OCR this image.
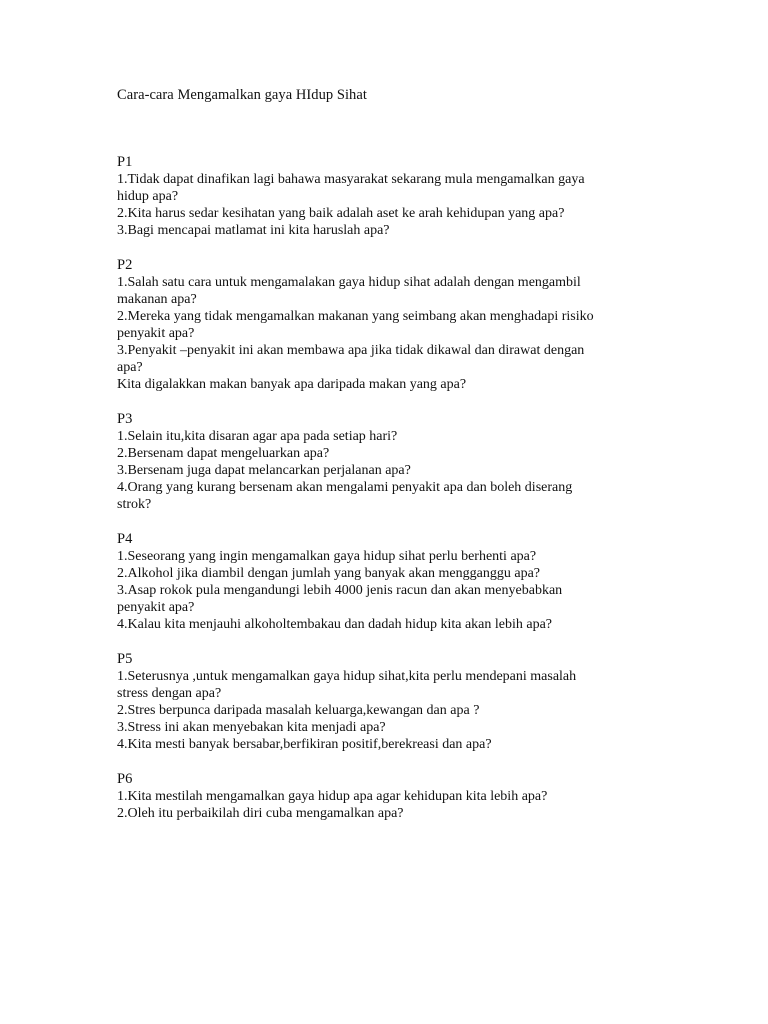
Cara-cara Mengamalkan gaya HIdup Sihat
P1
1.Tidak dapat dinafikan lagi bahawa masyarakat sekarang mula mengamalkan gaya
hidup apa?
2.Kita harus sedar kesihatan yang baik adalah aset ke arah kehidupan yang apa?
3.Bagi mencapai matlamat ini kita haruslah apa?
P2
1.Salah satu cara untuk mengamalakan gaya hidup sihat adalah dengan mengambil
makanan apa?
2.Mereka yang tidak mengamalkan makanan yang seimbang akan menghadapi risiko
penyakit apa?
3.Penyakit –penyakit ini akan membawa apa jika tidak dikawal dan dirawat dengan
apa?
Kita digalakkan makan banyak apa daripada makan yang apa?
P3
1.Selain itu,kita disaran agar apa pada setiap hari?
2.Bersenam dapat mengeluarkan apa?
3.Bersenam juga dapat melancarkan perjalanan apa?
4.Orang yang kurang bersenam akan mengalami penyakit apa dan boleh diserang
strok?
P4
1.Seseorang yang ingin mengamalkan gaya hidup sihat perlu berhenti apa?
2.Alkohol jika diambil dengan jumlah yang banyak akan mengganggu apa?
3.Asap rokok pula mengandungi lebih 4000 jenis racun dan akan menyebabkan
penyakit apa?
4.Kalau kita menjauhi alkoholtembakau dan dadah hidup kita akan lebih apa?
P5
1.Seterusnya ,untuk mengamalkan gaya hidup sihat,kita perlu mendepani masalah
stress dengan apa?
2.Stres berpunca daripada masalah keluarga,kewangan dan apa ?
3.Stress ini akan menyebakan kita menjadi apa?
4.Kita mesti banyak bersabar,berfikiran positif,berekreasi dan apa?
P6
1.Kita mestilah mengamalkan gaya hidup apa agar kehidupan kita lebih apa?
2.Oleh itu perbaikilah diri cuba mengamalkan apa?
